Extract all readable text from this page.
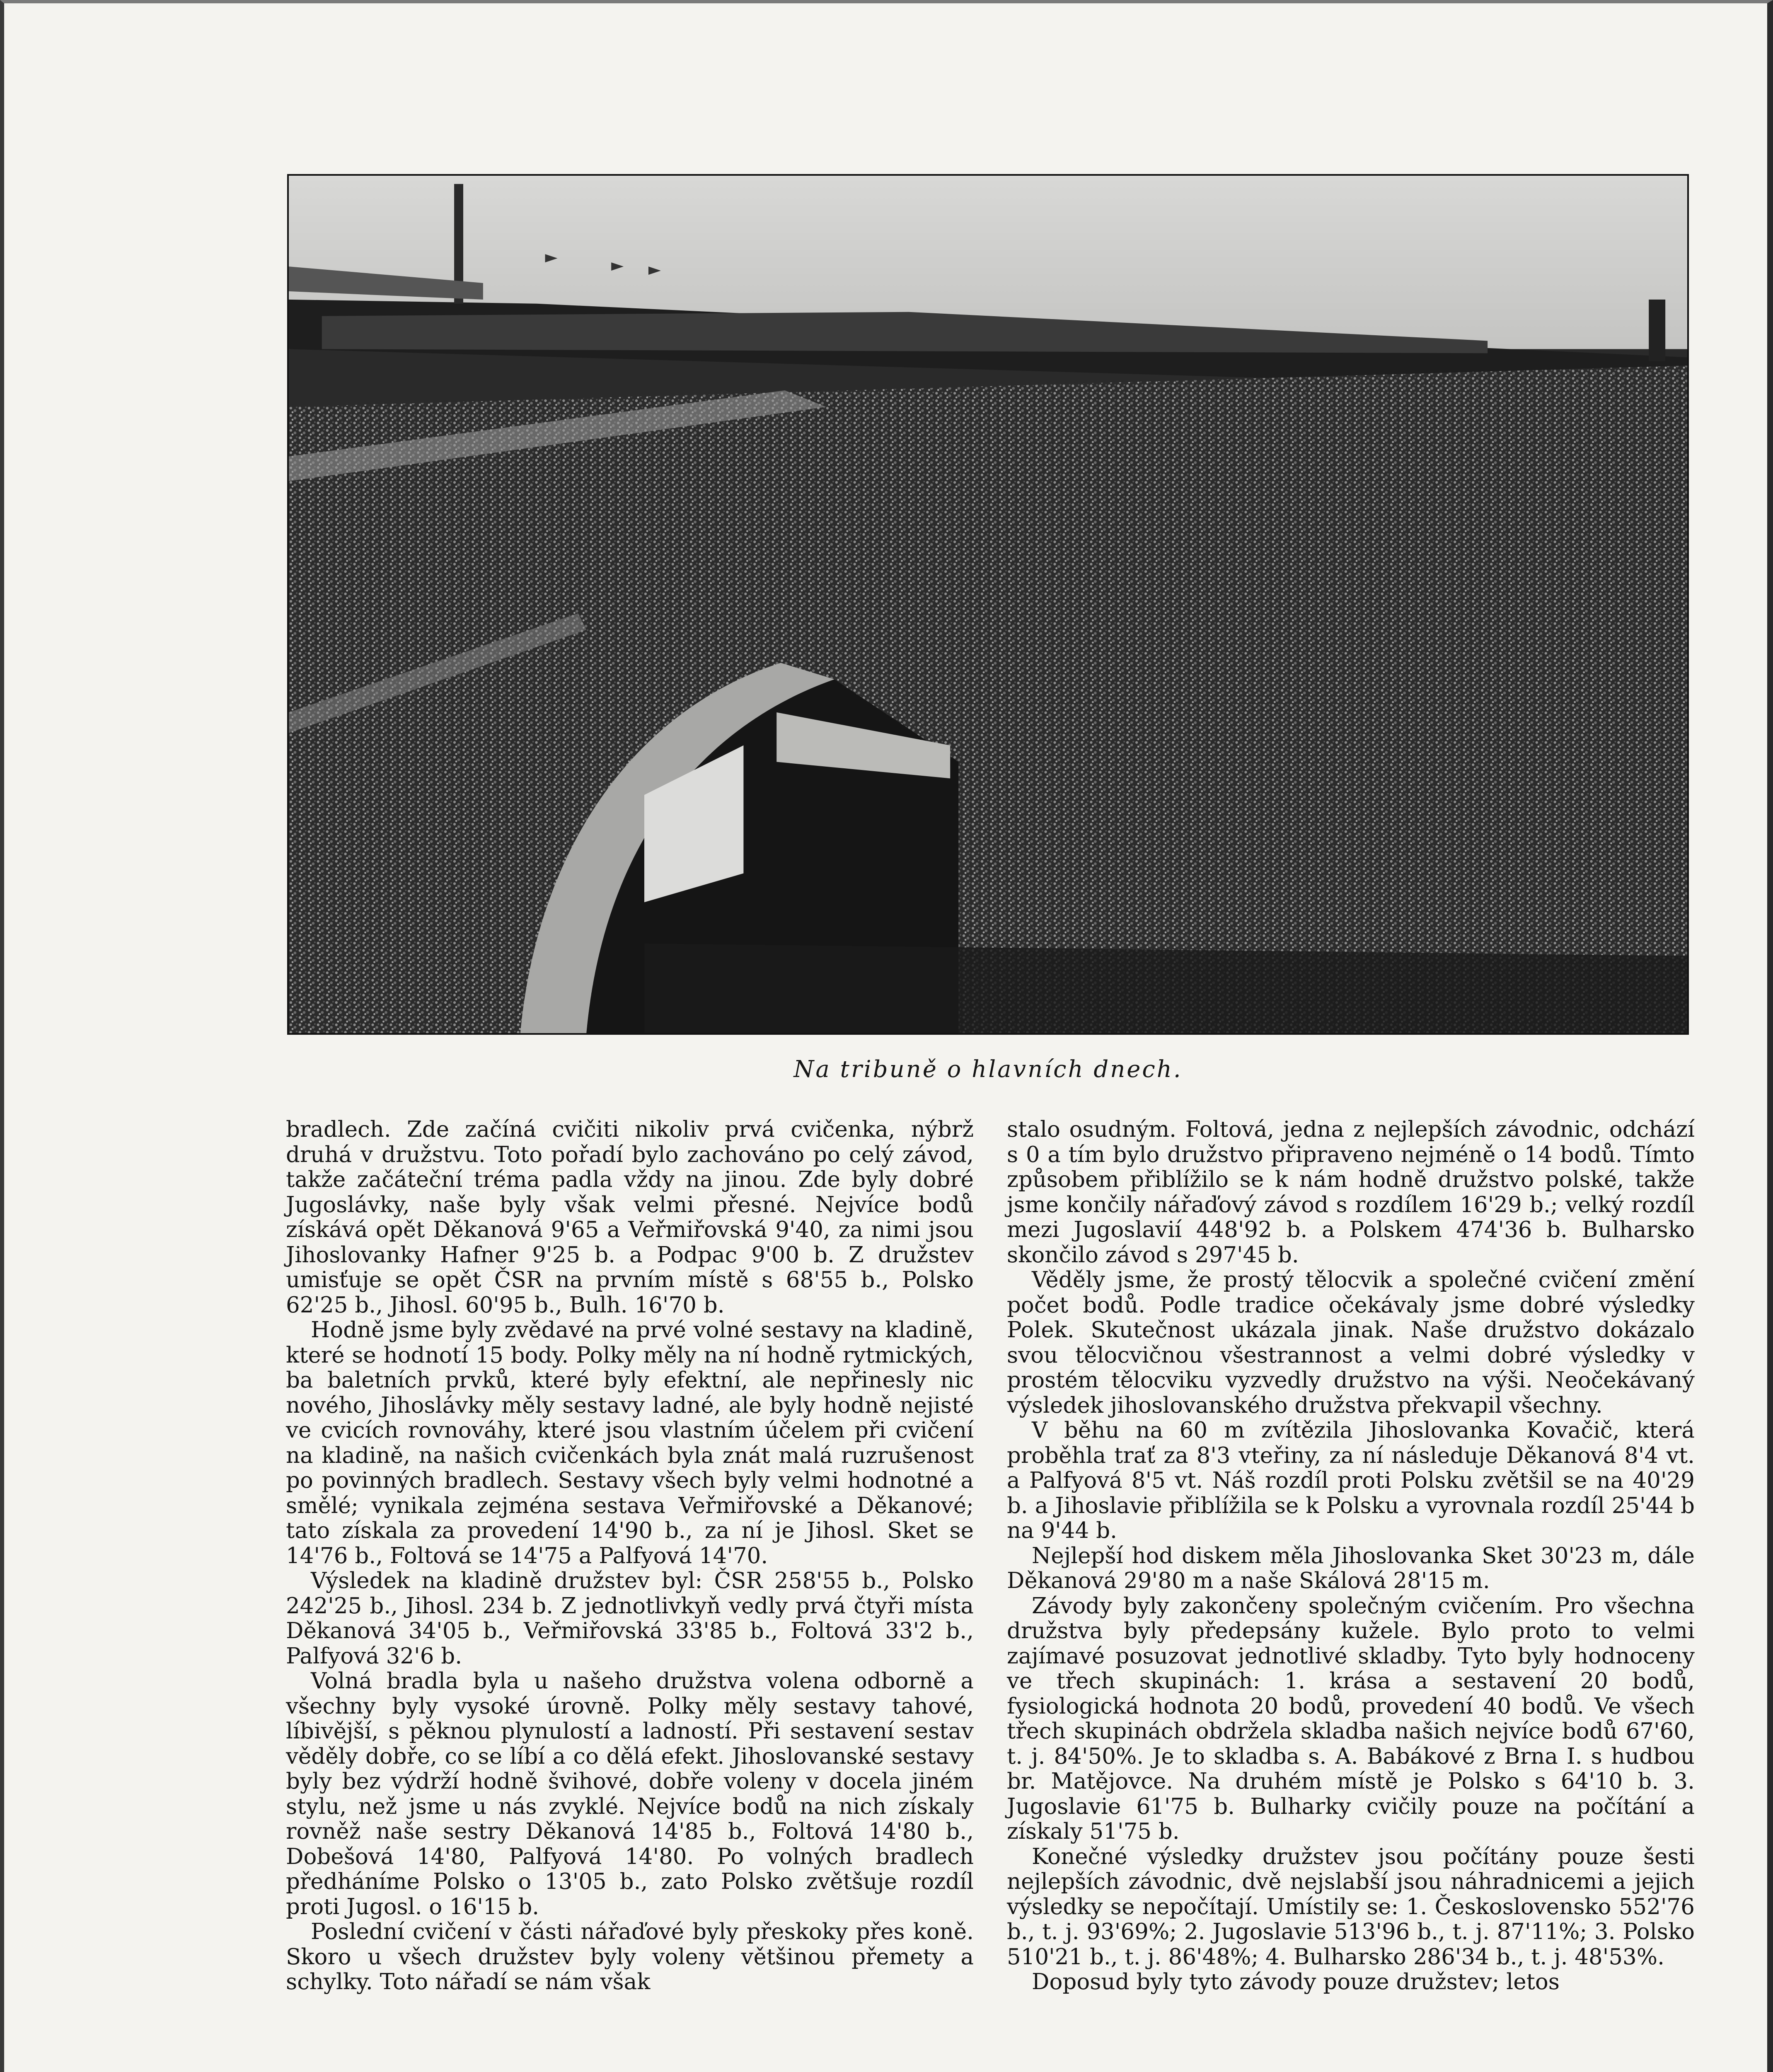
Na tribuně o hlavních dnech.

bradlech. Zde začíná cvičiti nikoliv prvá cvičenka, nýbrž druhá v družstvu. Toto pořadí bylo zachováno po celý závod, takže začáteční tréma padla vždy na jinou. Zde byly dobré Jugoslávky, naše byly však velmi přesné. Nejvíce bodů získává opět Děkanová 9'65 a Veřmiřovská 9'40, za nimi jsou Jihoslovanky Hafner 9'25 b. a Podpac 9'00 b. Z družstev umisťuje se opět ČSR na prvním místě s 68'55 b., Polsko 62'25 b., Jihosl. 60'95 b., Bulh. 16'70 b.

Hodně jsme byly zvědavé na prvé volné sestavy na kladině, které se hodnotí 15 body. Polky měly na ní hodně rytmických, ba baletních prvků, které byly efektní, ale nepřinesly nic nového, Jihoslávky měly sestavy ladné, ale byly hodně nejisté ve cvicích rovnováhy, které jsou vlastním účelem při cvičení na kladině, na našich cvičenkách byla znát malá ruzrušenost po povinných bradlech. Sestavy všech byly velmi hodnotné a smělé; vynikala zejména sestava Veřmiřovské a Děkanové; tato získala za provedení 14'90 b., za ní je Jihosl. Sket se 14'76 b., Foltová se 14'75 a Palfyová 14'70.

Výsledek na kladině družstev byl: ČSR 258'55 b., Polsko 242'25 b., Jihosl. 234 b. Z jednotlivkyň vedly prvá čtyři místa Děkanová 34'05 b., Veřmiřovská 33'85 b., Foltová 33'2 b., Palfyová 32'6 b.

Volná bradla byla u našeho družstva volena odborně a všechny byly vysoké úrovně. Polky měly sestavy tahové, líbivější, s pěknou plynulostí a ladností. Při sestavení sestav věděly dobře, co se líbí a co dělá efekt. Jihoslovanské sestavy byly bez výdrží hodně švihové, dobře voleny v docela jiném stylu, než jsme u nás zvyklé. Nejvíce bodů na nich získaly rovněž naše sestry Děkanová 14'85 b., Foltová 14'80 b., Dobešová 14'80, Palfyová 14'80. Po volných bradlech předháníme Polsko o 13'05 b., zato Polsko zvětšuje rozdíl proti Jugosl. o 16'15 b.

Poslední cvičení v části nářaďové byly přeskoky přes koně. Skoro u všech družstev byly voleny většinou přemety a schylky. Toto nářadí se nám však

stalo osudným. Foltová, jedna z nejlepších závodnic, odchází s 0 a tím bylo družstvo připraveno nejméně o 14 bodů. Tímto způsobem přiblížilo se k nám hodně družstvo polské, takže jsme končily nářaďový závod s rozdílem 16'29 b.; velký rozdíl mezi Jugoslavií 448'92 b. a Polskem 474'36 b. Bulharsko skončilo závod s 297'45 b.

Věděly jsme, že prostý tělocvik a společné cvičení změní počet bodů. Podle tradice očekávaly jsme dobré výsledky Polek. Skutečnost ukázala jinak. Naše družstvo dokázalo svou tělocvičnou všestrannost a velmi dobré výsledky v prostém tělocviku vyzvedly družstvo na výši. Neočekávaný výsledek jihoslovanského družstva překvapil všechny.

V běhu na 60 m zvítězila Jihoslovanka Kovačič, která proběhla trať za 8'3 vteřiny, za ní následuje Děkanová 8'4 vt. a Palfyová 8'5 vt. Náš rozdíl proti Polsku zvětšil se na 40'29 b. a Jihoslavie přiblížila se k Polsku a vyrovnala rozdíl 25'44 b na 9'44 b.

Nejlepší hod diskem měla Jihoslovanka Sket 30'23 m, dále Děkanová 29'80 m a naše Skálová 28'15 m.

Závody byly zakončeny společným cvičením. Pro všechna družstva byly předepsány kužele. Bylo proto to velmi zajímavé posuzovat jednotlivé skladby. Tyto byly hodnoceny ve třech skupinách: 1. krása a sestavení 20 bodů, fysiologická hodnota 20 bodů, provedení 40 bodů. Ve všech třech skupinách obdržela skladba našich nejvíce bodů 67'60, t. j. 84'50%. Je to skladba s. A. Babákové z Brna I. s hudbou br. Matějovce. Na druhém místě je Polsko s 64'10 b. 3. Jugoslavie 61'75 b. Bulharky cvičily pouze na počítání a získaly 51'75 b.

Konečné výsledky družstev jsou počítány pouze šesti nejlepších závodnic, dvě nejslabší jsou náhradnicemi a jejich výsledky se nepočítají. Umístily se: 1. Československo 552'76 b., t. j. 93'69%; 2. Jugoslavie 513'96 b., t. j. 87'11%; 3. Polsko 510'21 b., t. j. 86'48%; 4. Bulharsko 286'34 b., t. j. 48'53%.

Doposud byly tyto závody pouze družstev; letos
